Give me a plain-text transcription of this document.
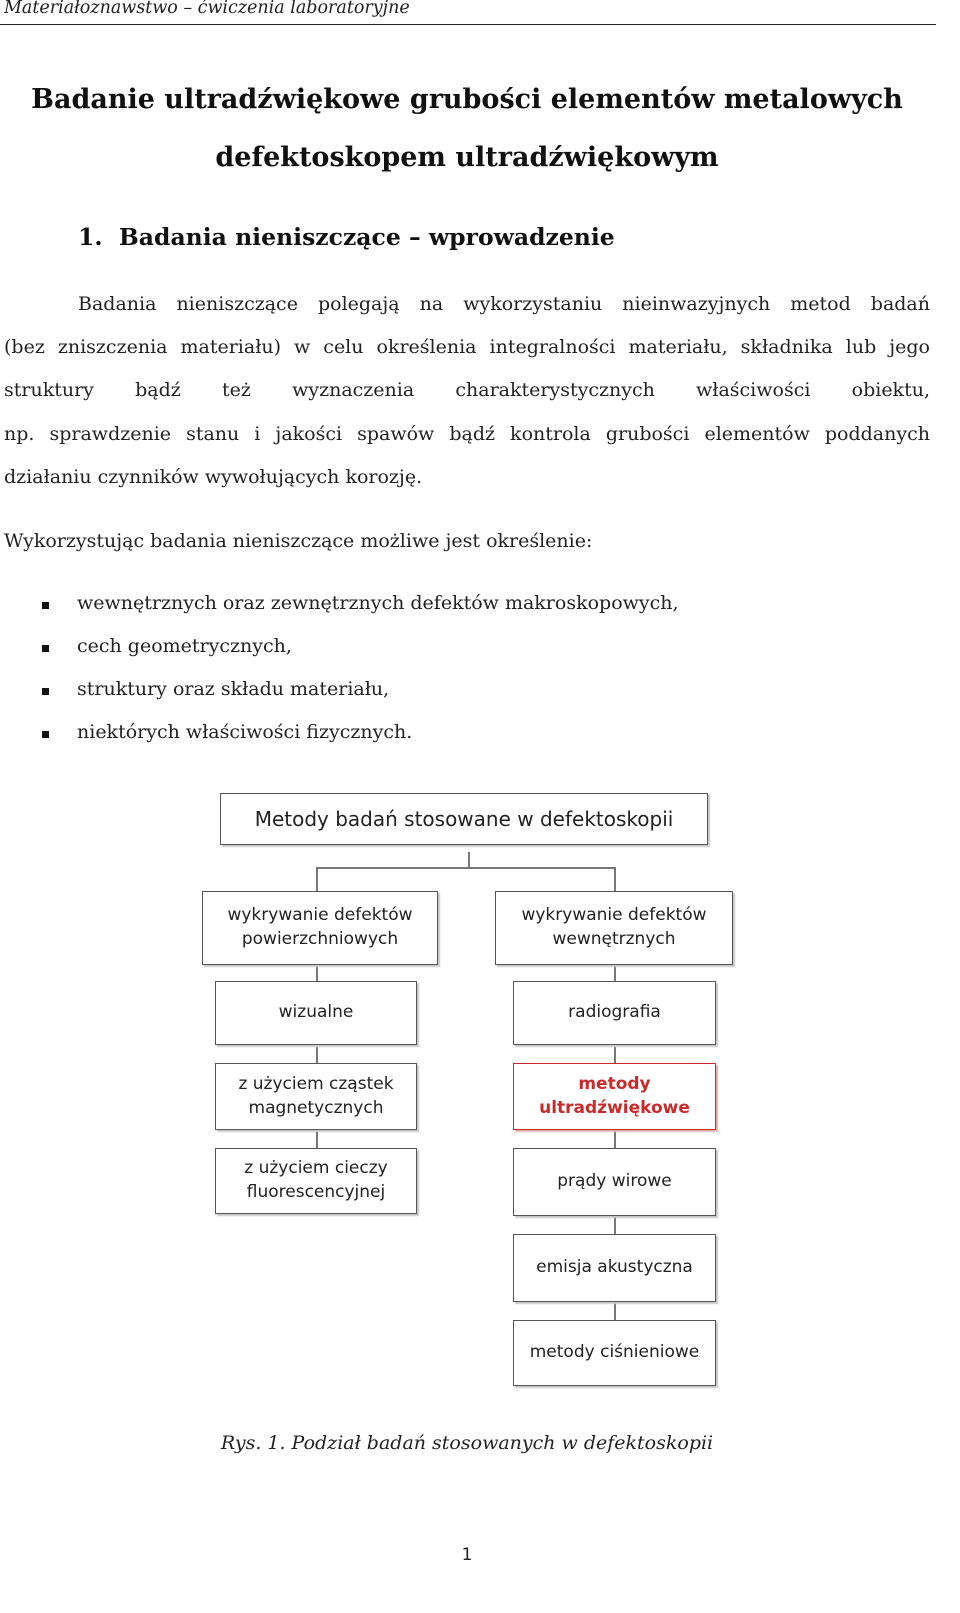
Materiałoznawstwo – ćwiczenia laboratoryjne
Badanie ultradźwiękowe grubości elementów metalowych
defektoskopem ultradźwiękowym
1. Badania nieniszczące – wprowadzenie
Badania nieniszczące polegają na wykorzystaniu nieinwazyjnych metod badań
(bez zniszczenia materiału) w celu określenia integralności materiału, składnika lub jego
struktury bądź też wyznaczenia charakterystycznych właściwości obiektu,
np. sprawdzenie stanu i jakości spawów bądź kontrola grubości elementów poddanych
działaniu czynników wywołujących korozję.
Wykorzystując badania nieniszczące możliwe jest określenie:
wewnętrznych oraz zewnętrznych defektów makroskopowych,
cech geometrycznych,
struktury oraz składu materiału,
niektórych właściwości fizycznych.
Metody badań stosowane w defektoskopii
wykrywanie defektów
powierzchniowych
wykrywanie defektów
wewnętrznych
wizualne
z użyciem cząstek
magnetycznych
z użyciem cieczy
fluorescencyjnej
radiografia
metody
ultradźwiękowe
prądy wirowe
emisja akustyczna
metody ciśnieniowe
Rys. 1. Podział badań stosowanych w defektoskopii
1
